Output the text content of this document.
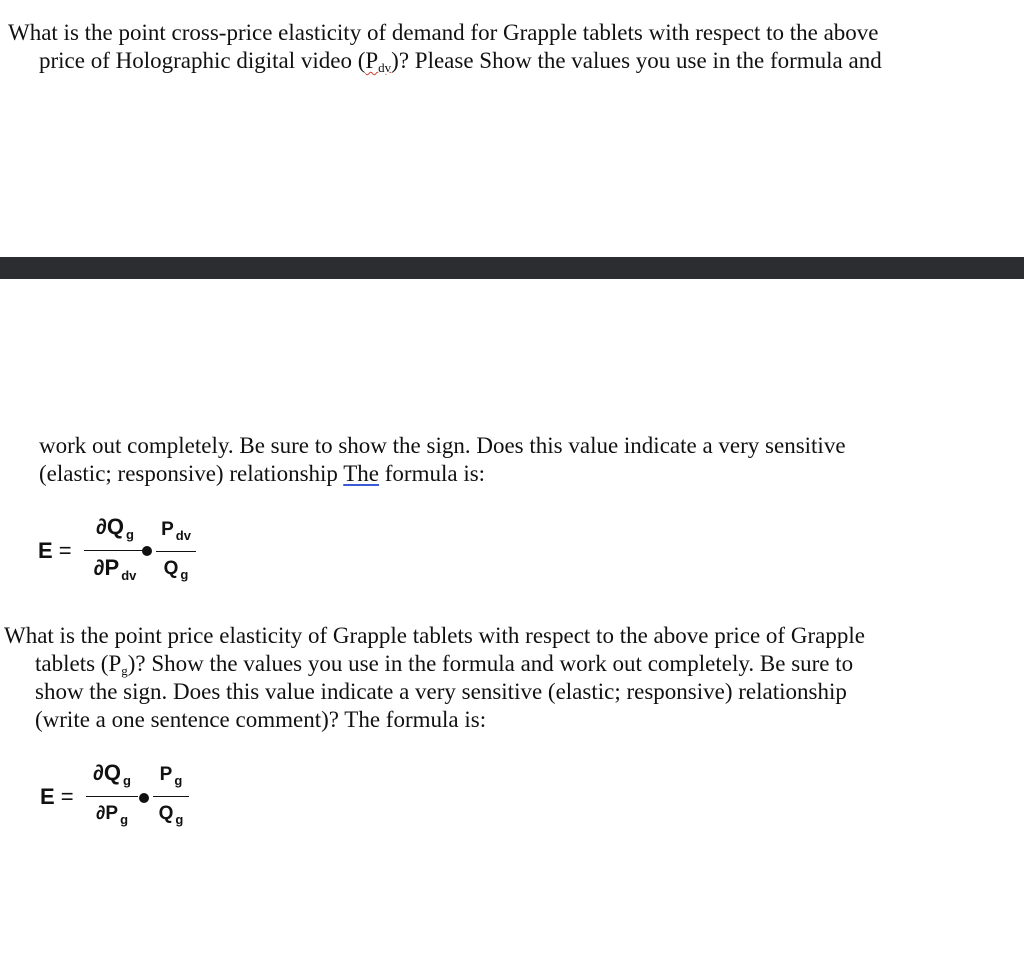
What is the point cross-price elasticity of demand for Grapple tablets with respect to the above
price of Holographic digital video $(P_{dv})$? Please Show the values you use in the formula and

work out completely. Be sure to show the sign. Does this value indicate a very sensitive
(elastic; responsive) relationship The formula is:

E =
∂Q $_g$
∂P $_{dv}$
P $_{dv}$
Q $_g$

What is the point price elasticity of Grapple tablets with respect to the above price of Grapple
tablets $(P_g)$? Show the values you use in the formula and work out completely. Be sure to
show the sign. Does this value indicate a very sensitive (elastic; responsive) relationship
(write a one sentence comment)? The formula is:

$E = \frac{\partial Q _g}{\partial P _g} \frac{P _g}{Q _g}$
